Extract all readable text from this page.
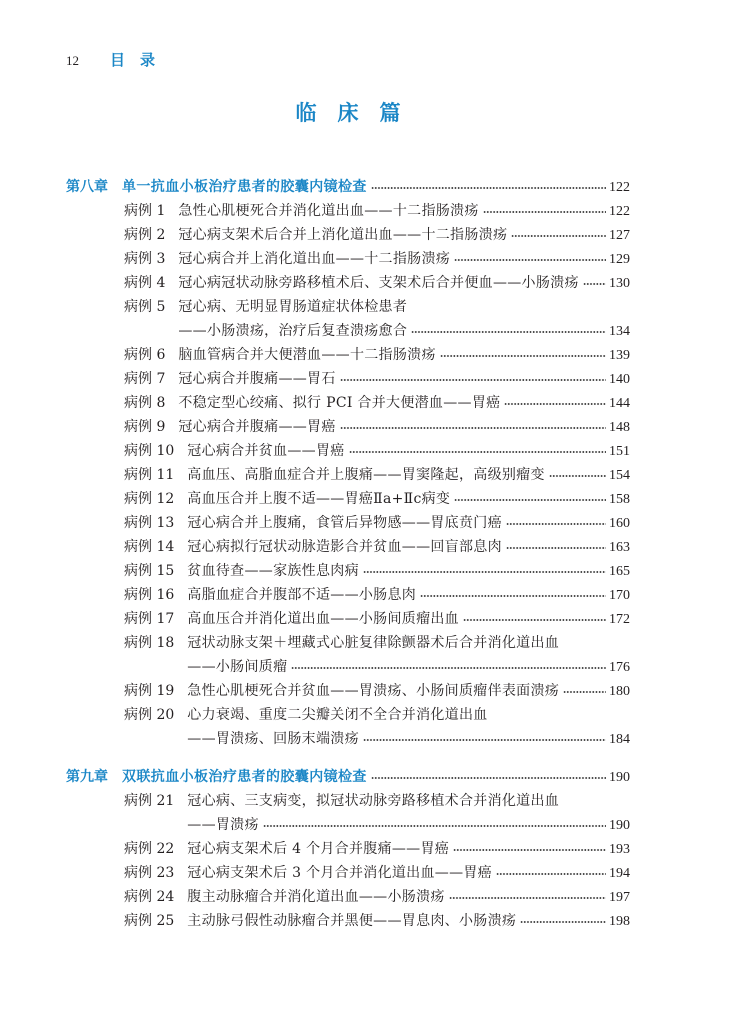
12	目　录
临　床　篇
第八章 单一抗血小板治疗患者的胶囊内镜检查	122
病例 1 急性心肌梗死合并消化道出血——十二指肠溃疡	122
病例 2 冠心病支架术后合并上消化道出血——十二指肠溃疡	127
病例 3 冠心病合并上消化道出血——十二指肠溃疡	129
病例 4 冠心病冠状动脉旁路移植术后、支架术后合并便血——小肠溃疡 130
病例 5 冠心病、无明显胃肠道症状体检患者
——小肠溃疡，治疗后复查溃疡愈合	134
病例 6 脑血管病合并大便潜血——十二指肠溃疡	139
病例 7 冠心病合并腹痛——胃石	140
病例 8 不稳定型心绞痛、拟行 PCI 合并大便潜血——胃癌	144
病例 9 冠心病合并腹痛——胃癌	148
病例 10 冠心病合并贫血——胃癌	151
病例 11 高血压、高脂血症合并上腹痛——胃窦隆起，高级别瘤变	154
病例 12 高血压合并上腹不适——胃癌Ⅱa+Ⅱc病变	158
病例 13 冠心病合并上腹痛，食管后异物感——胃底贲门癌	160
病例 14 冠心病拟行冠状动脉造影合并贫血——回盲部息肉	163
病例 15 贫血待查——家族性息肉病	165
病例 16 高脂血症合并腹部不适——小肠息肉	170
病例 17 高血压合并消化道出血——小肠间质瘤出血	172
病例 18 冠状动脉支架＋埋藏式心脏复律除颤器术后合并消化道出血
——小肠间质瘤	176
病例 19 急性心肌梗死合并贫血——胃溃疡、小肠间质瘤伴表面溃疡	180
病例 20 心力衰竭、重度二尖瓣关闭不全合并消化道出血
——胃溃疡、回肠末端溃疡	184
第九章 双联抗血小板治疗患者的胶囊内镜检查	190
病例 21 冠心病、三支病变，拟冠状动脉旁路移植术合并消化道出血
——胃溃疡	190
病例 22 冠心病支架术后 4 个月合并腹痛——胃癌	193
病例 23 冠心病支架术后 3 个月合并消化道出血——胃癌	194
病例 24 腹主动脉瘤合并消化道出血——小肠溃疡	197
病例 25 主动脉弓假性动脉瘤合并黑便——胃息肉、小肠溃疡	198
